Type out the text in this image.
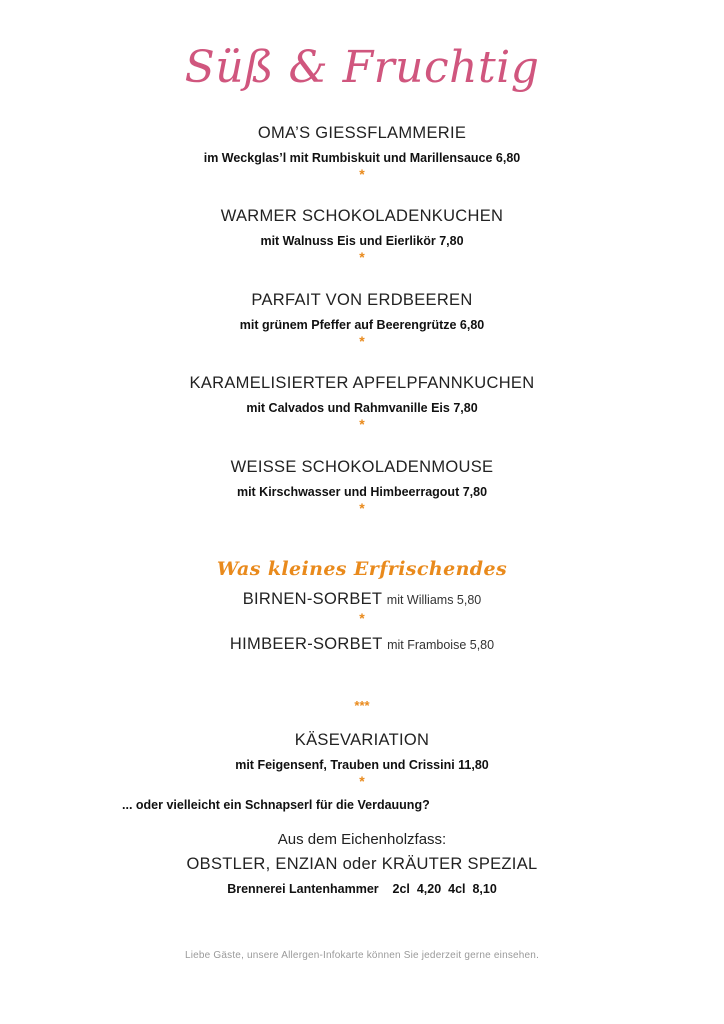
Süß & Fruchtig
OMA’S GIESSFLAMMERIE
im Weckglas’l mit Rumbiskuit und Marillensauce 6,80
*
WARMER SCHOKOLADENKUCHEN
mit Walnuss Eis und Eierlikör 7,80
*
PARFAIT VON ERDBEEREN
mit grünem Pfeffer auf Beerengrütze 6,80
*
KARAMELISIERTER APFELPFANNKUCHEN
mit Calvados und Rahmvanille Eis 7,80
*
WEISSE SCHOKOLADENMOUSE
mit Kirschwasser und Himbeerragout 7,80
*
Was kleines Erfrischendes
BIRNEN-SORBET mit Williams 5,80
*
HIMBEER-SORBET mit Framboise 5,80
***
KÄSEVARIATION
mit Feigensenf, Trauben und Crissini 11,80
*
... oder vielleicht ein Schnapserl für die Verdauung?
Aus dem Eichenholzfass:
OBSTLER, ENZIAN oder KRÄUTER SPEZIAL
Brennerei Lantenhammer    2cl  4,20  4cl  8,10
Liebe Gäste, unsere Allergen-Infokarte können Sie jederzeit gerne einsehen.
